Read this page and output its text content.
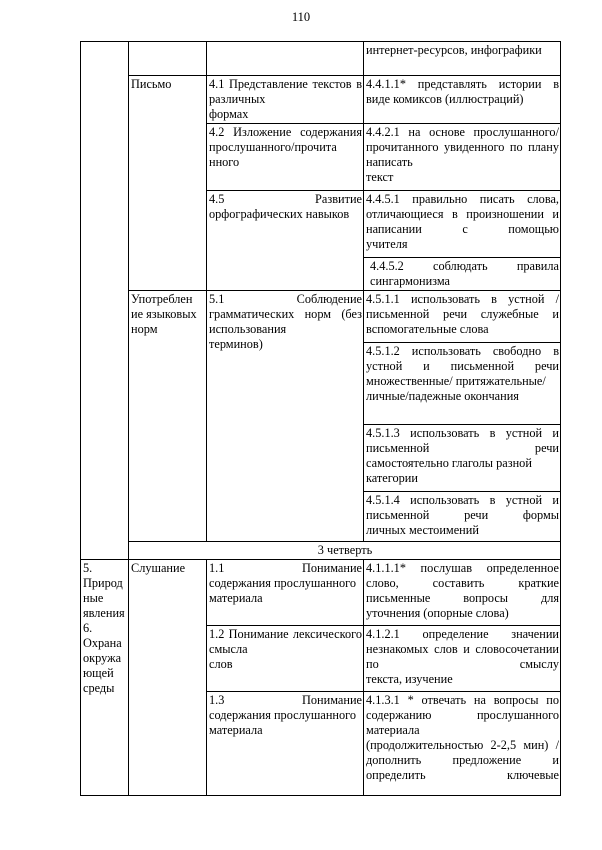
110
			интернет-ресурсов, инфографики
	Письмо	4.1 Представление текстов в различных
формах	4.4.1.1* представлять истории в
виде комиксов (иллюстраций)

		4.2 Изложение содержания прослушанного/прочита
нного	4.4.2.1 на основе прослушанного/ прочитанного увиденного по плану написать
текст

		4.5 Развитие
орфографических навыков	4.4.5.1 правильно писать слова, отличающиеся в произношении и написании с помощью
учителя

			4.4.5.2 соблюдать правила
сингармонизма

	Употреблен ие языковых норм	5.1 Соблюдение грамматических норм (без использования
терминов)	4.5.1.1 использовать в устной /письменной речи служебные и
вспомогательные слова

			4.5.1.2 использовать свободно в устной и письменной речи
множественные/ притяжательные/ личные/падежные окончания

			4.5.1.3 использовать в устной и письменной речи
самостоятельно глаголы разной категории

			4.5.1.4 использовать в устной и письменной речи формы
личных местоимений

	3 четверть		
5. Природ ные явления 6. Охрана окружа ющей среды	Слушание	1.1 Понимание
содержания прослушанного материала	4.1.1.1* послушав определенное слово, составить краткие письменные вопросы для
уточнения (опорные слова)

		1.2 Понимание лексического смысла
слов	4.1.2.1 определение значении незнакомых слов и словосочетании по смыслу
текста, изучение

		1.3 Понимание
содержания прослушанного материала	4.1.3.1 * отвечать на вопросы по содержанию прослушанного
материала
(продолжительностью 2-2,5 мин) / дополнить предложение и определить ключевые
